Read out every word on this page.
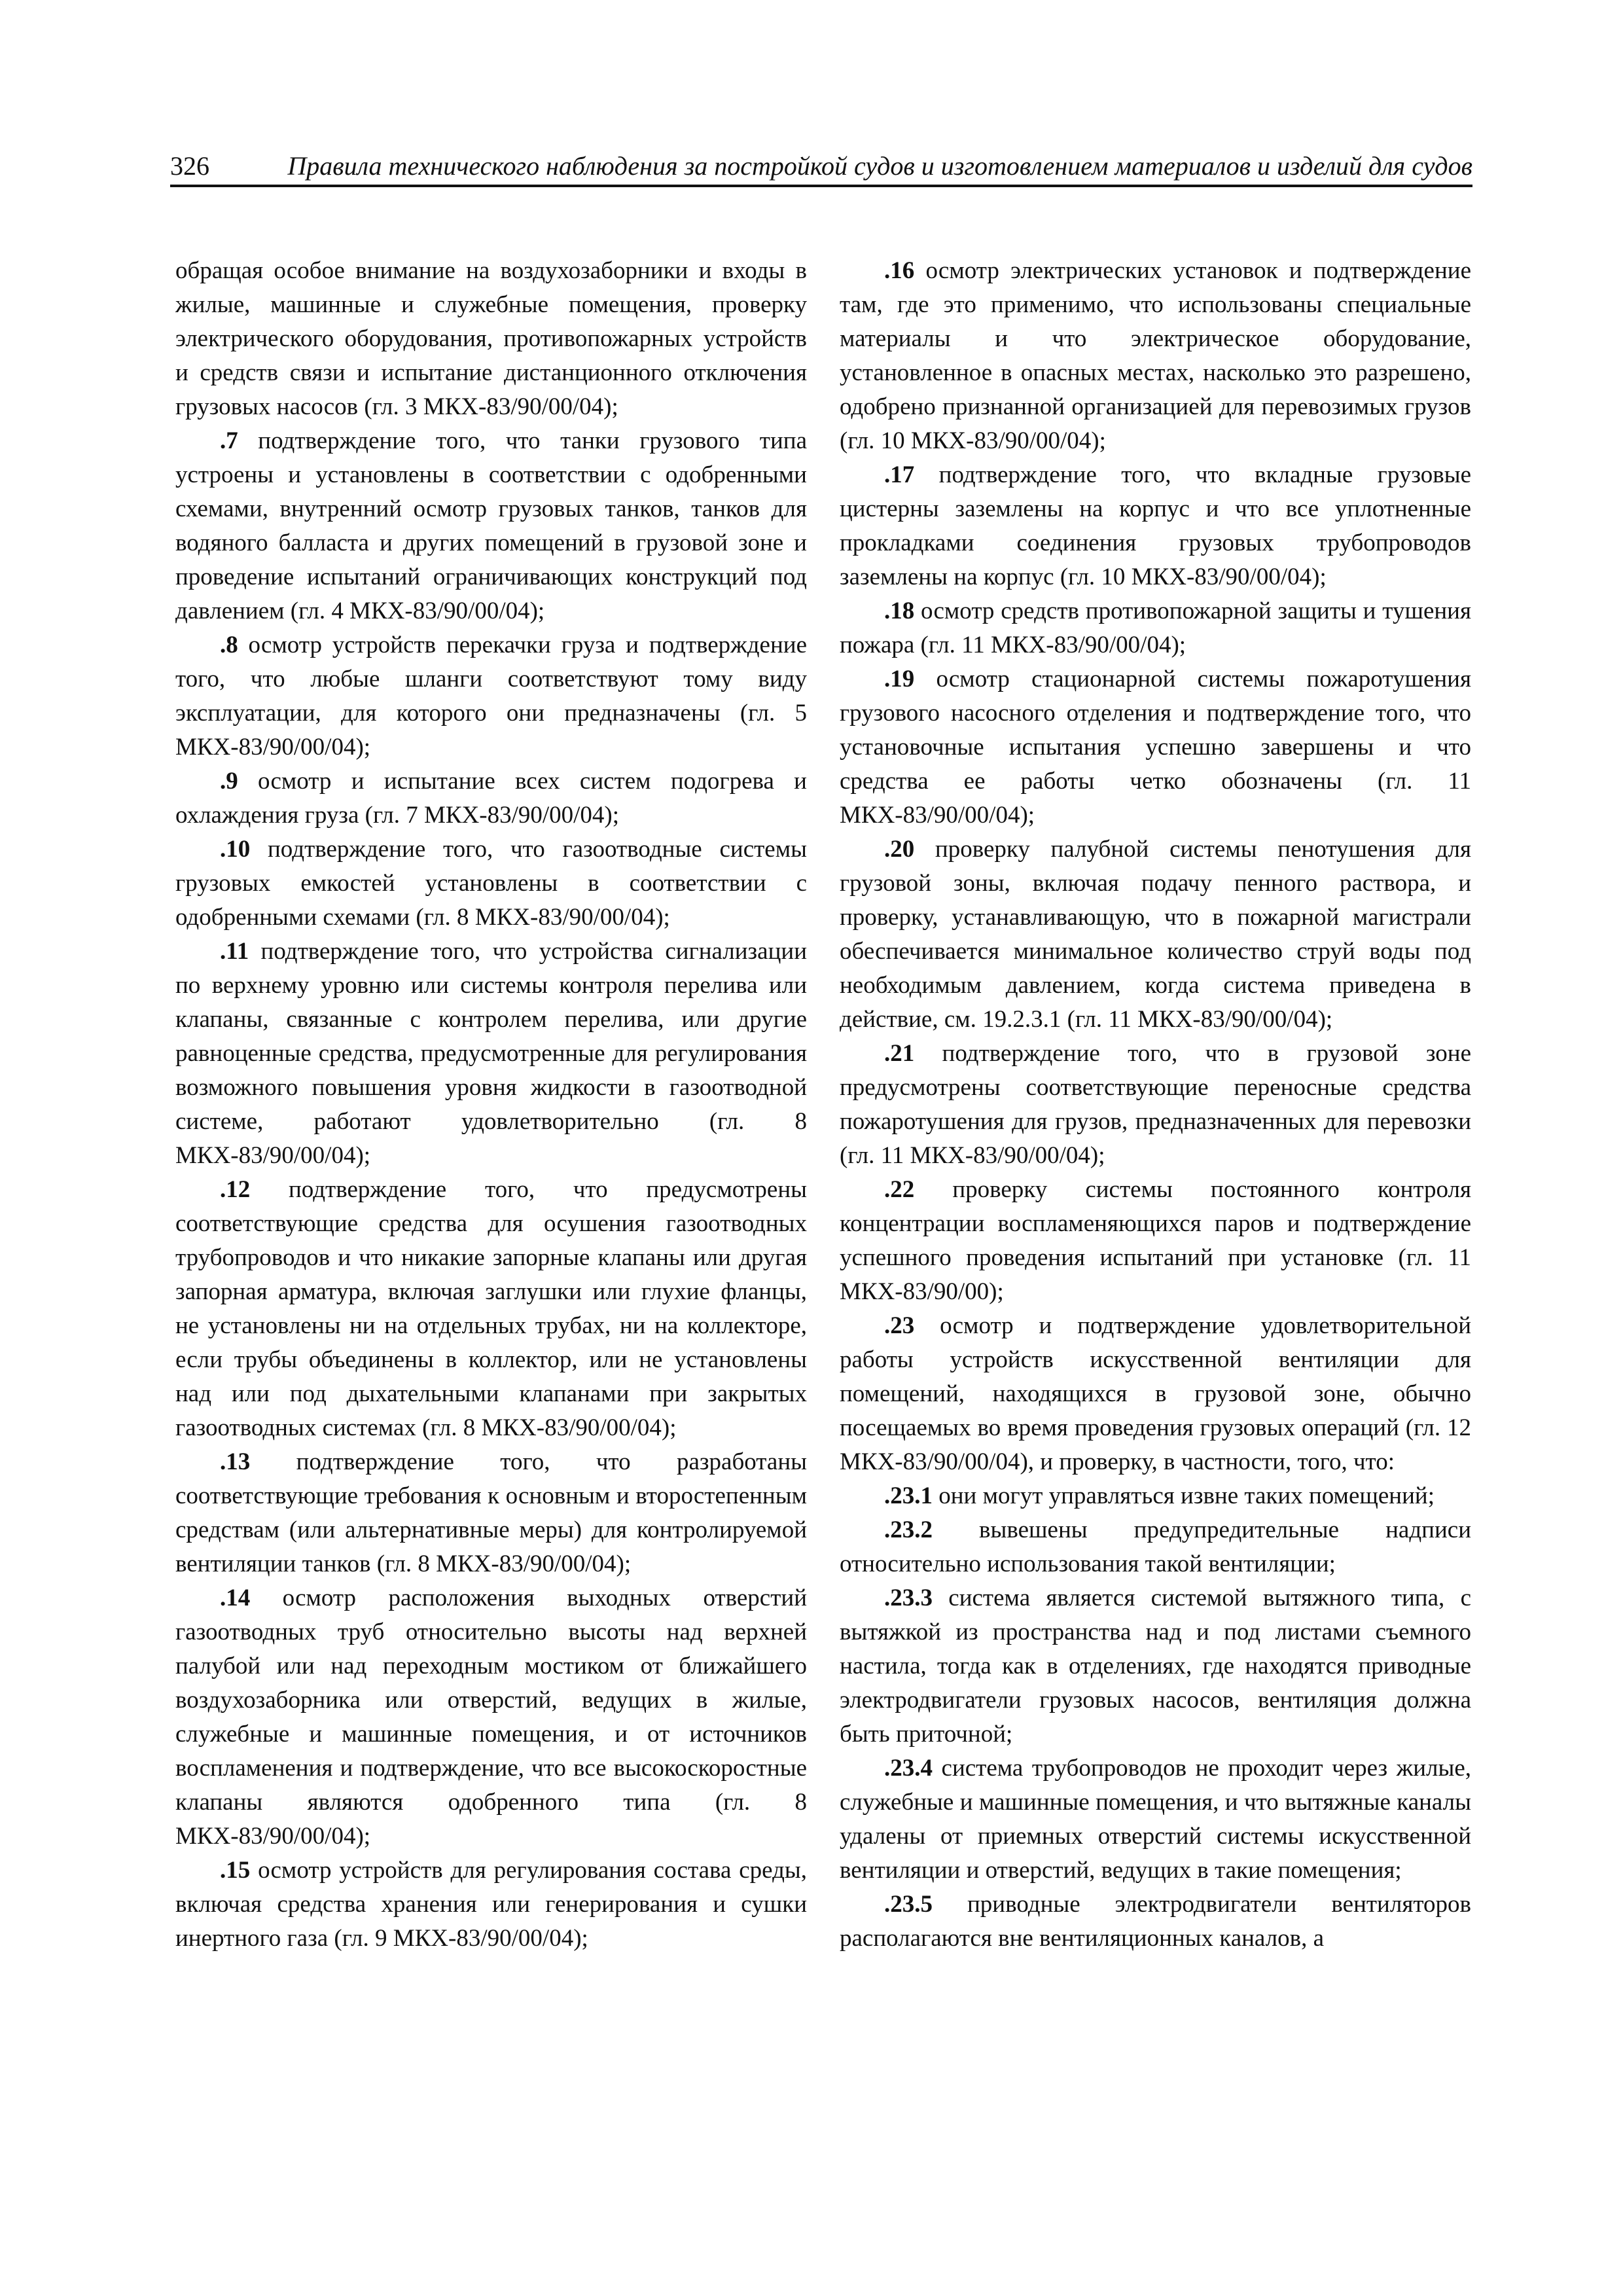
326	Правила технического наблюдения за постройкой судов и изготовлением материалов и изделий для судов

обращая особое внимание на воздухозаборники и входы в жилые, машинные и служебные помещения, проверку электрического оборудования, противопожарных устройств и средств связи и испытание дистанционного отключения грузовых насосов (гл. 3 МКХ-83/90/00/04);

.7 подтверждение того, что танки грузового типа устроены и установлены в соответствии с одобренными схемами, внутренний осмотр грузовых танков, танков для водяного балласта и других помещений в грузовой зоне и проведение испытаний ограничивающих конструкций под давлением (гл. 4 МКХ-83/90/00/04);

.8 осмотр устройств перекачки груза и подтверждение того, что любые шланги соответствуют тому виду эксплуатации, для которого они предназначены (гл. 5 МКХ-83/90/00/04);

.9 осмотр и испытание всех систем подогрева и охлаждения груза (гл. 7 МКХ-83/90/00/04);

.10 подтверждение того, что газоотводные системы грузовых емкостей установлены в соответствии с одобренными схемами (гл. 8 МКХ-83/90/00/04);

.11 подтверждение того, что устройства сигнализации по верхнему уровню или системы контроля перелива или клапаны, связанные с контролем перелива, или другие равноценные средства, предусмотренные для регулирования возможного повышения уровня жидкости в газоотводной системе, работают удовлетворительно (гл. 8 МКХ-83/90/00/04);

.12 подтверждение того, что предусмотрены соответствующие средства для осушения газоотводных трубопроводов и что никакие запорные клапаны или другая запорная арматура, включая заглушки или глухие фланцы, не установлены ни на отдельных трубах, ни на коллекторе, если трубы объединены в коллектор, или не установлены над или под дыхательными клапанами при закрытых газоотводных системах (гл. 8 МКХ-83/90/00/04);

.13 подтверждение того, что разработаны соответствующие требования к основным и второстепенным средствам (или альтернативные меры) для контролируемой вентиляции танков (гл. 8 МКХ-83/90/00/04);

.14 осмотр расположения выходных отверстий газоотводных труб относительно высоты над верхней палубой или над переходным мостиком от ближайшего воздухозаборника или отверстий, ведущих в жилые, служебные и машинные помещения, и от источников воспламенения и подтверждение, что все высокоскоростные клапаны являются одобренного типа (гл. 8 МКХ-83/90/00/04);

.15 осмотр устройств для регулирования состава среды, включая средства хранения или генерирования и сушки инертного газа (гл. 9 МКХ-83/90/00/04);

.16 осмотр электрических установок и подтверждение там, где это применимо, что использованы специальные материалы и что электрическое оборудование, установленное в опасных местах, насколько это разрешено, одобрено признанной организацией для перевозимых грузов (гл. 10 МКХ-83/90/00/04);

.17 подтверждение того, что вкладные грузовые цистерны заземлены на корпус и что все уплотненные прокладками соединения грузовых трубопроводов заземлены на корпус (гл. 10 МКХ-83/90/00/04);

.18 осмотр средств противопожарной защиты и тушения пожара (гл. 11 МКХ-83/90/00/04);

.19 осмотр стационарной системы пожаротушения грузового насосного отделения и подтверждение того, что установочные испытания успешно завершены и что средства ее работы четко обозначены (гл. 11 МКХ-83/90/00/04);

.20 проверку палубной системы пенотушения для грузовой зоны, включая подачу пенного раствора, и проверку, устанавливающую, что в пожарной магистрали обеспечивается минимальное количество струй воды под необходимым давлением, когда система приведена в действие, см. 19.2.3.1 (гл. 11 МКХ-83/90/00/04);

.21 подтверждение того, что в грузовой зоне предусмотрены соответствующие переносные средства пожаротушения для грузов, предназначенных для перевозки (гл. 11 МКХ-83/90/00/04);

.22 проверку системы постоянного контроля концентрации воспламеняющихся паров и подтверждение успешного проведения испытаний при установке (гл. 11 МКХ-83/90/00);

.23 осмотр и подтверждение удовлетворительной работы устройств искусственной вентиляции для помещений, находящихся в грузовой зоне, обычно посещаемых во время проведения грузовых операций (гл. 12 МКХ-83/90/00/04), и проверку, в частности, того, что:

.23.1 они могут управляться извне таких помещений;

.23.2 вывешены предупредительные надписи относительно использования такой вентиляции;

.23.3 система является системой вытяжного типа, с вытяжкой из пространства над и под листами съемного настила, тогда как в отделениях, где находятся приводные электродвигатели грузовых насосов, вентиляция должна быть приточной;

.23.4 система трубопроводов не проходит через жилые, служебные и машинные помещения, и что вытяжные каналы удалены от приемных отверстий системы искусственной вентиляции и отверстий, ведущих в такие помещения;

.23.5 приводные электродвигатели вентиляторов располагаются вне вентиляционных каналов, а
